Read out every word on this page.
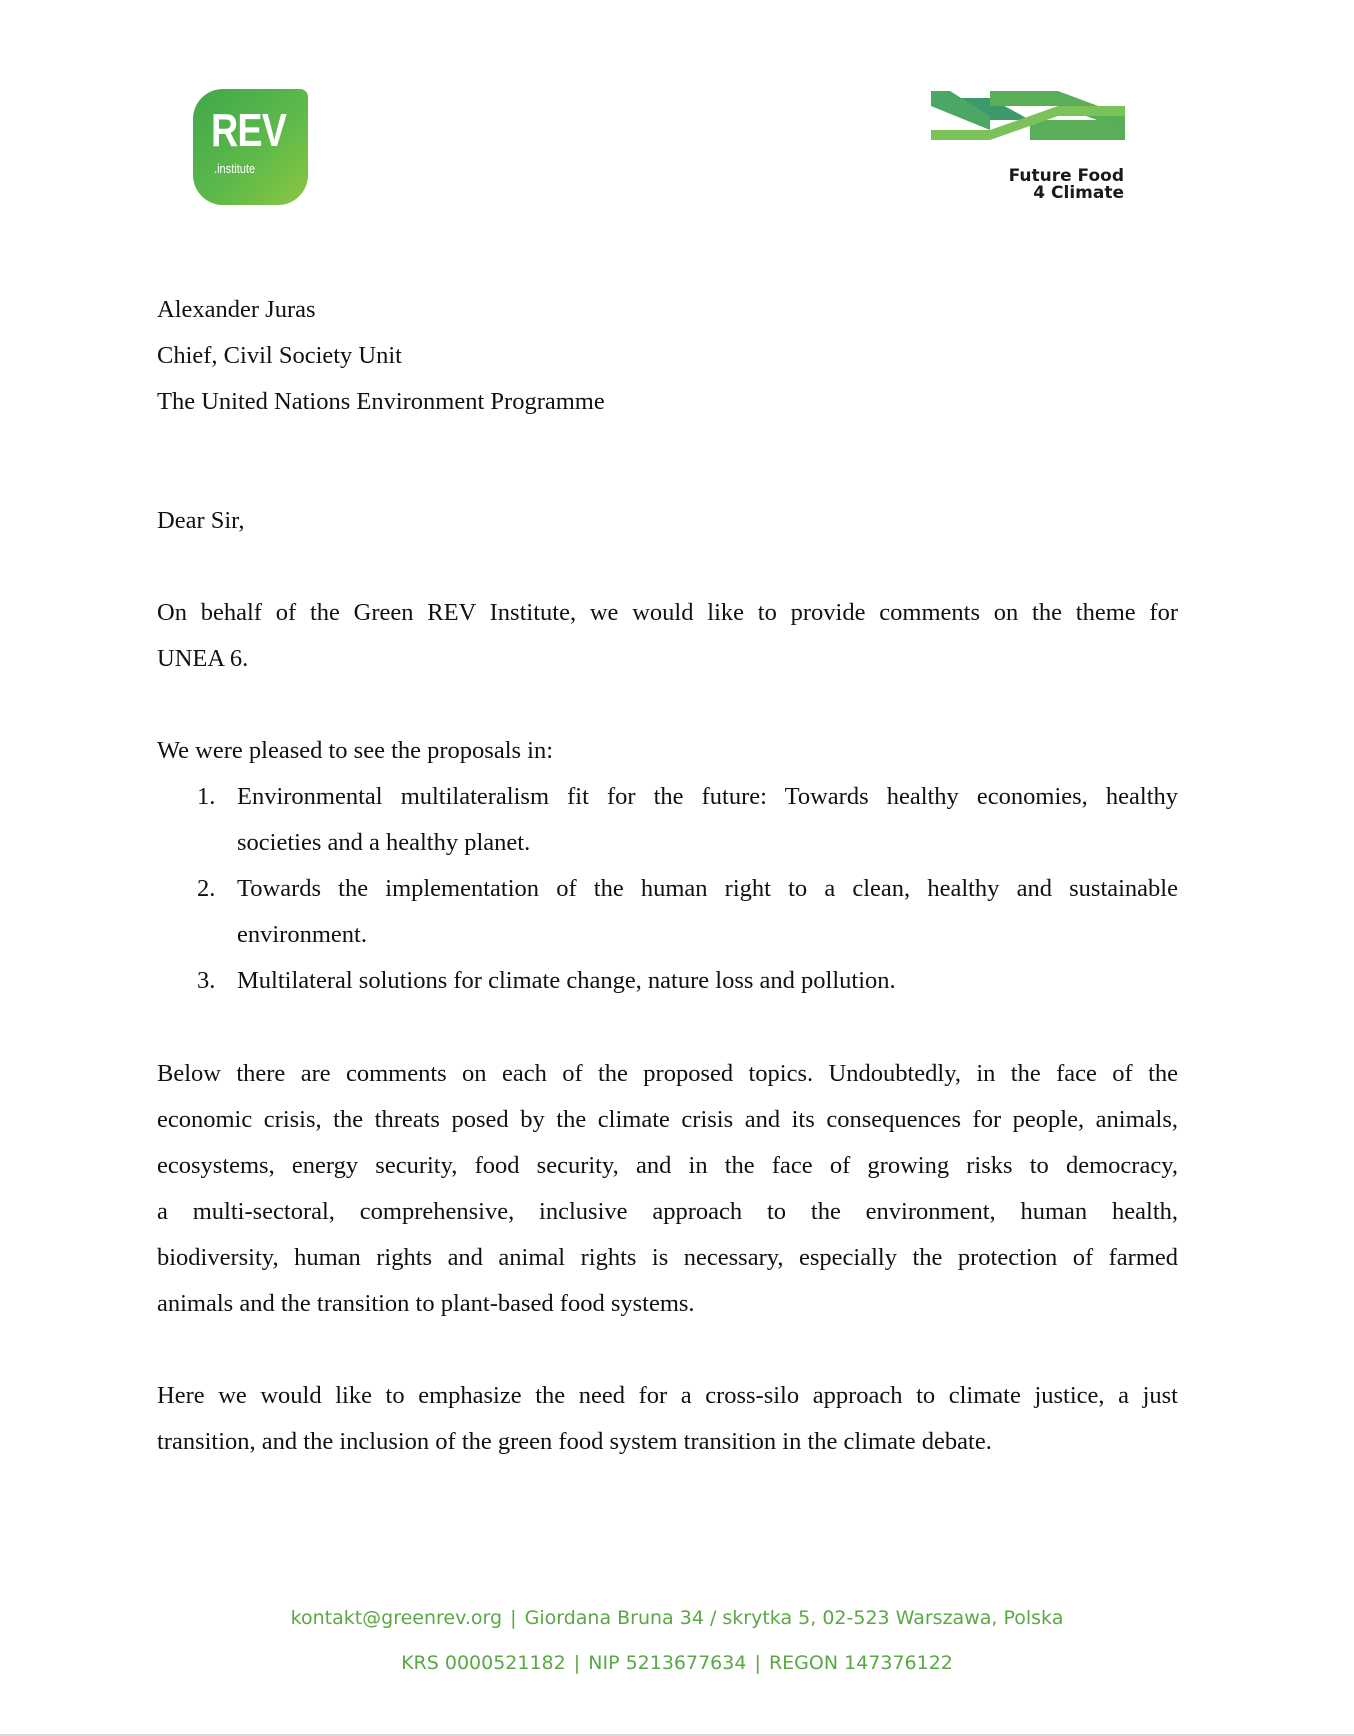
REV
.institute	Future Food
4 Climate
Alexander Juras
Chief, Civil Society Unit
The United Nations Environment Programme
Dear Sir,
On behalf of the Green REV Institute, we would like to provide comments on the theme for
UNEA 6.
We were pleased to see the proposals in:
1. Environmental multilateralism fit for the future: Towards healthy economies, healthy
societies and a healthy planet.
2. Towards the implementation of the human right to a clean, healthy and sustainable
environment.
3. Multilateral solutions for climate change, nature loss and pollution.
Below there are comments on each of the proposed topics. Undoubtedly, in the face of the
economic crisis, the threats posed by the climate crisis and its consequences for people, animals,
ecosystems, energy security, food security, and in the face of growing risks to democracy,
a multi-sectoral, comprehensive, inclusive approach to the environment, human health,
biodiversity, human rights and animal rights is necessary, especially the protection of farmed
animals and the transition to plant-based food systems.
Here we would like to emphasize the need for a cross-silo approach to climate justice, a just
transition, and the inclusion of the green food system transition in the climate debate.
kontakt@greenrev.org | Giordana Bruna 34 / skrytka 5, 02-523 Warszawa, Polska
KRS 0000521182 | NIP 5213677634 | REGON 147376122
